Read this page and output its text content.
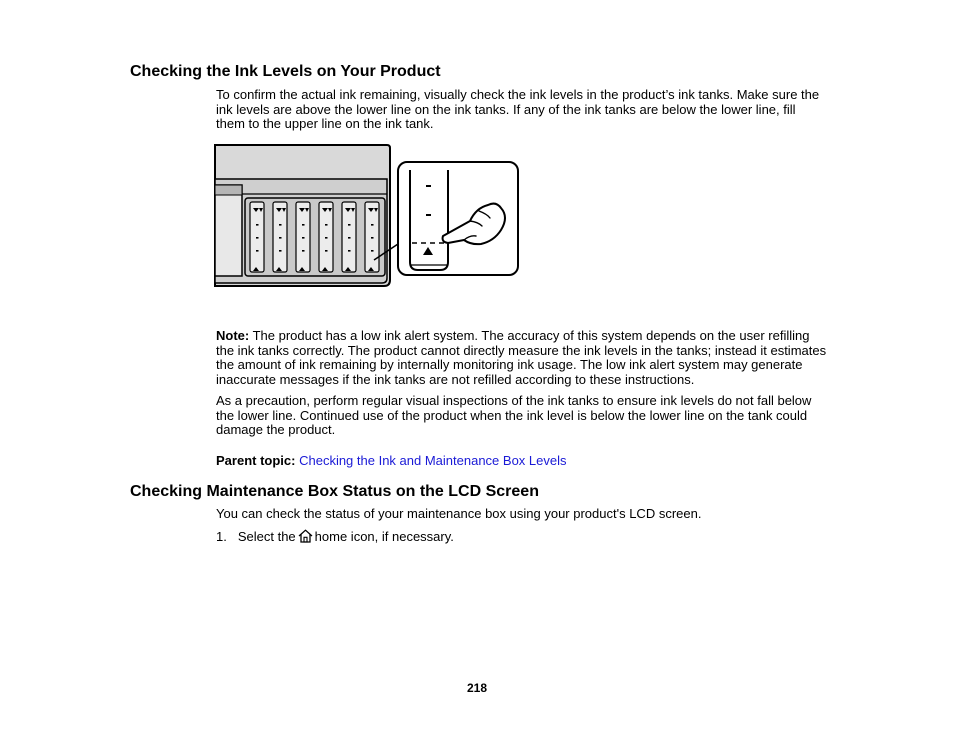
Checking the Ink Levels on Your Product

To confirm the actual ink remaining, visually check the ink levels in the product’s ink tanks. Make sure the ink levels are above the lower line on the ink tanks. If any of the ink tanks are below the lower line, fill them to the upper line on the ink tank.

Note: The product has a low ink alert system. The accuracy of this system depends on the user refilling the ink tanks correctly. The product cannot directly measure the ink levels in the tanks; instead it estimates the amount of ink remaining by internally monitoring ink usage. The low ink alert system may generate inaccurate messages if the ink tanks are not refilled according to these instructions.

As a precaution, perform regular visual inspections of the ink tanks to ensure ink levels do not fall below the lower line. Continued use of the product when the ink level is below the lower line on the tank could damage the product.

Parent topic: Checking the Ink and Maintenance Box Levels

Checking Maintenance Box Status on the LCD Screen

You can check the status of your maintenance box using your product's LCD screen.

1. Select the home icon, if necessary.

218
